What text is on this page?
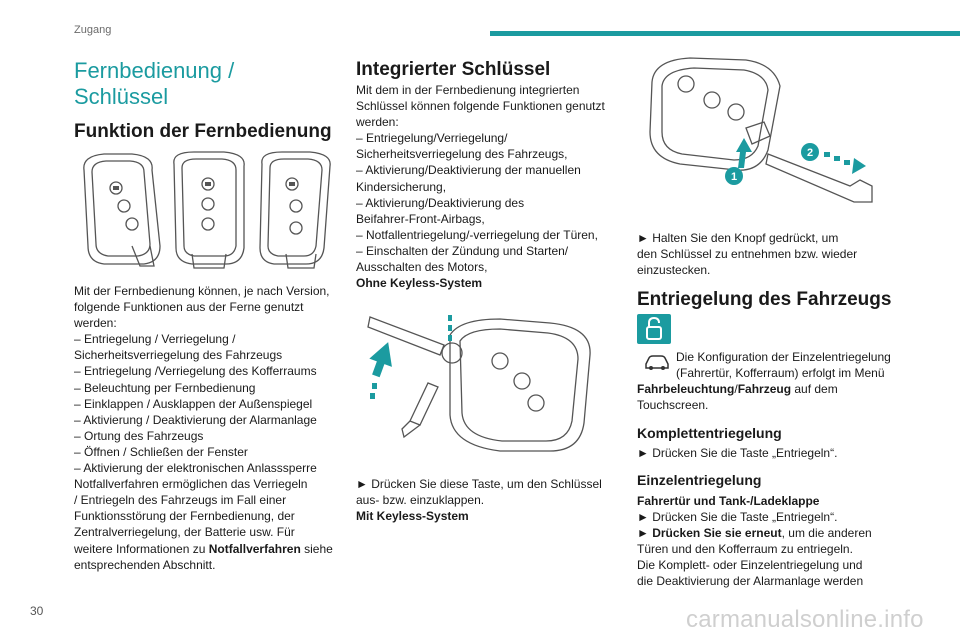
Zugang
Fernbedienung /
Schlüssel
Funktion der Fernbedienung
Mit der Fernbedienung können, je nach Version,
folgende Funktionen aus der Ferne genutzt
werden:
– Entriegelung / Verriegelung /
Sicherheitsverriegelung des Fahrzeugs
– Entriegelung /Verriegelung des Kofferraums
– Beleuchtung per Fernbedienung
– Einklappen / Ausklappen der Außenspiegel
– Aktivierung / Deaktivierung der Alarmanlage
– Ortung des Fahrzeugs
– Öffnen / Schließen der Fenster
– Aktivierung der elektronischen Anlasssperre
Notfallverfahren ermöglichen das Verriegeln
/ Entriegeln des Fahrzeugs im Fall einer
Funktionsstörung der Fernbedienung, der
Zentralverriegelung, der Batterie usw. Für
weitere Informationen zu Notfallverfahren siehe
entsprechenden Abschnitt.
Integrierter Schlüssel
Mit dem in der Fernbedienung integrierten
Schlüssel können folgende Funktionen genutzt
werden:
– Entriegelung/Verriegelung/
Sicherheitsverriegelung des Fahrzeugs,
– Aktivierung/Deaktivierung der manuellen
Kindersicherung,
– Aktivierung/Deaktivierung des
Beifahrer-Front-Airbags,
– Notfallentriegelung/-verriegelung der Türen,
– Einschalten der Zündung und Starten/
Ausschalten des Motors,
Ohne Keyless-System
► Drücken Sie diese Taste, um den Schlüssel
aus- bzw. einzuklappen.
Mit Keyless-System
1
2
► Halten Sie den Knopf gedrückt, um
den Schlüssel zu entnehmen bzw. wieder
einzustecken.
Entriegelung des Fahrzeugs
Die Konfiguration der Einzelentriegelung
(Fahrertür, Kofferraum) erfolgt im Menü
Fahrbeleuchtung/Fahrzeug auf dem
Touchscreen.
Komplettentriegelung
► Drücken Sie die Taste „Entriegeln“.
Einzelentriegelung
Fahrertür und Tank-/Ladeklappe
► Drücken Sie die Taste „Entriegeln“.
► Drücken Sie sie erneut, um die anderen
Türen und den Kofferraum zu entriegeln.
Die Komplett- oder Einzelentriegelung und
die Deaktivierung der Alarmanlage werden
30	carmanualsonline.info
